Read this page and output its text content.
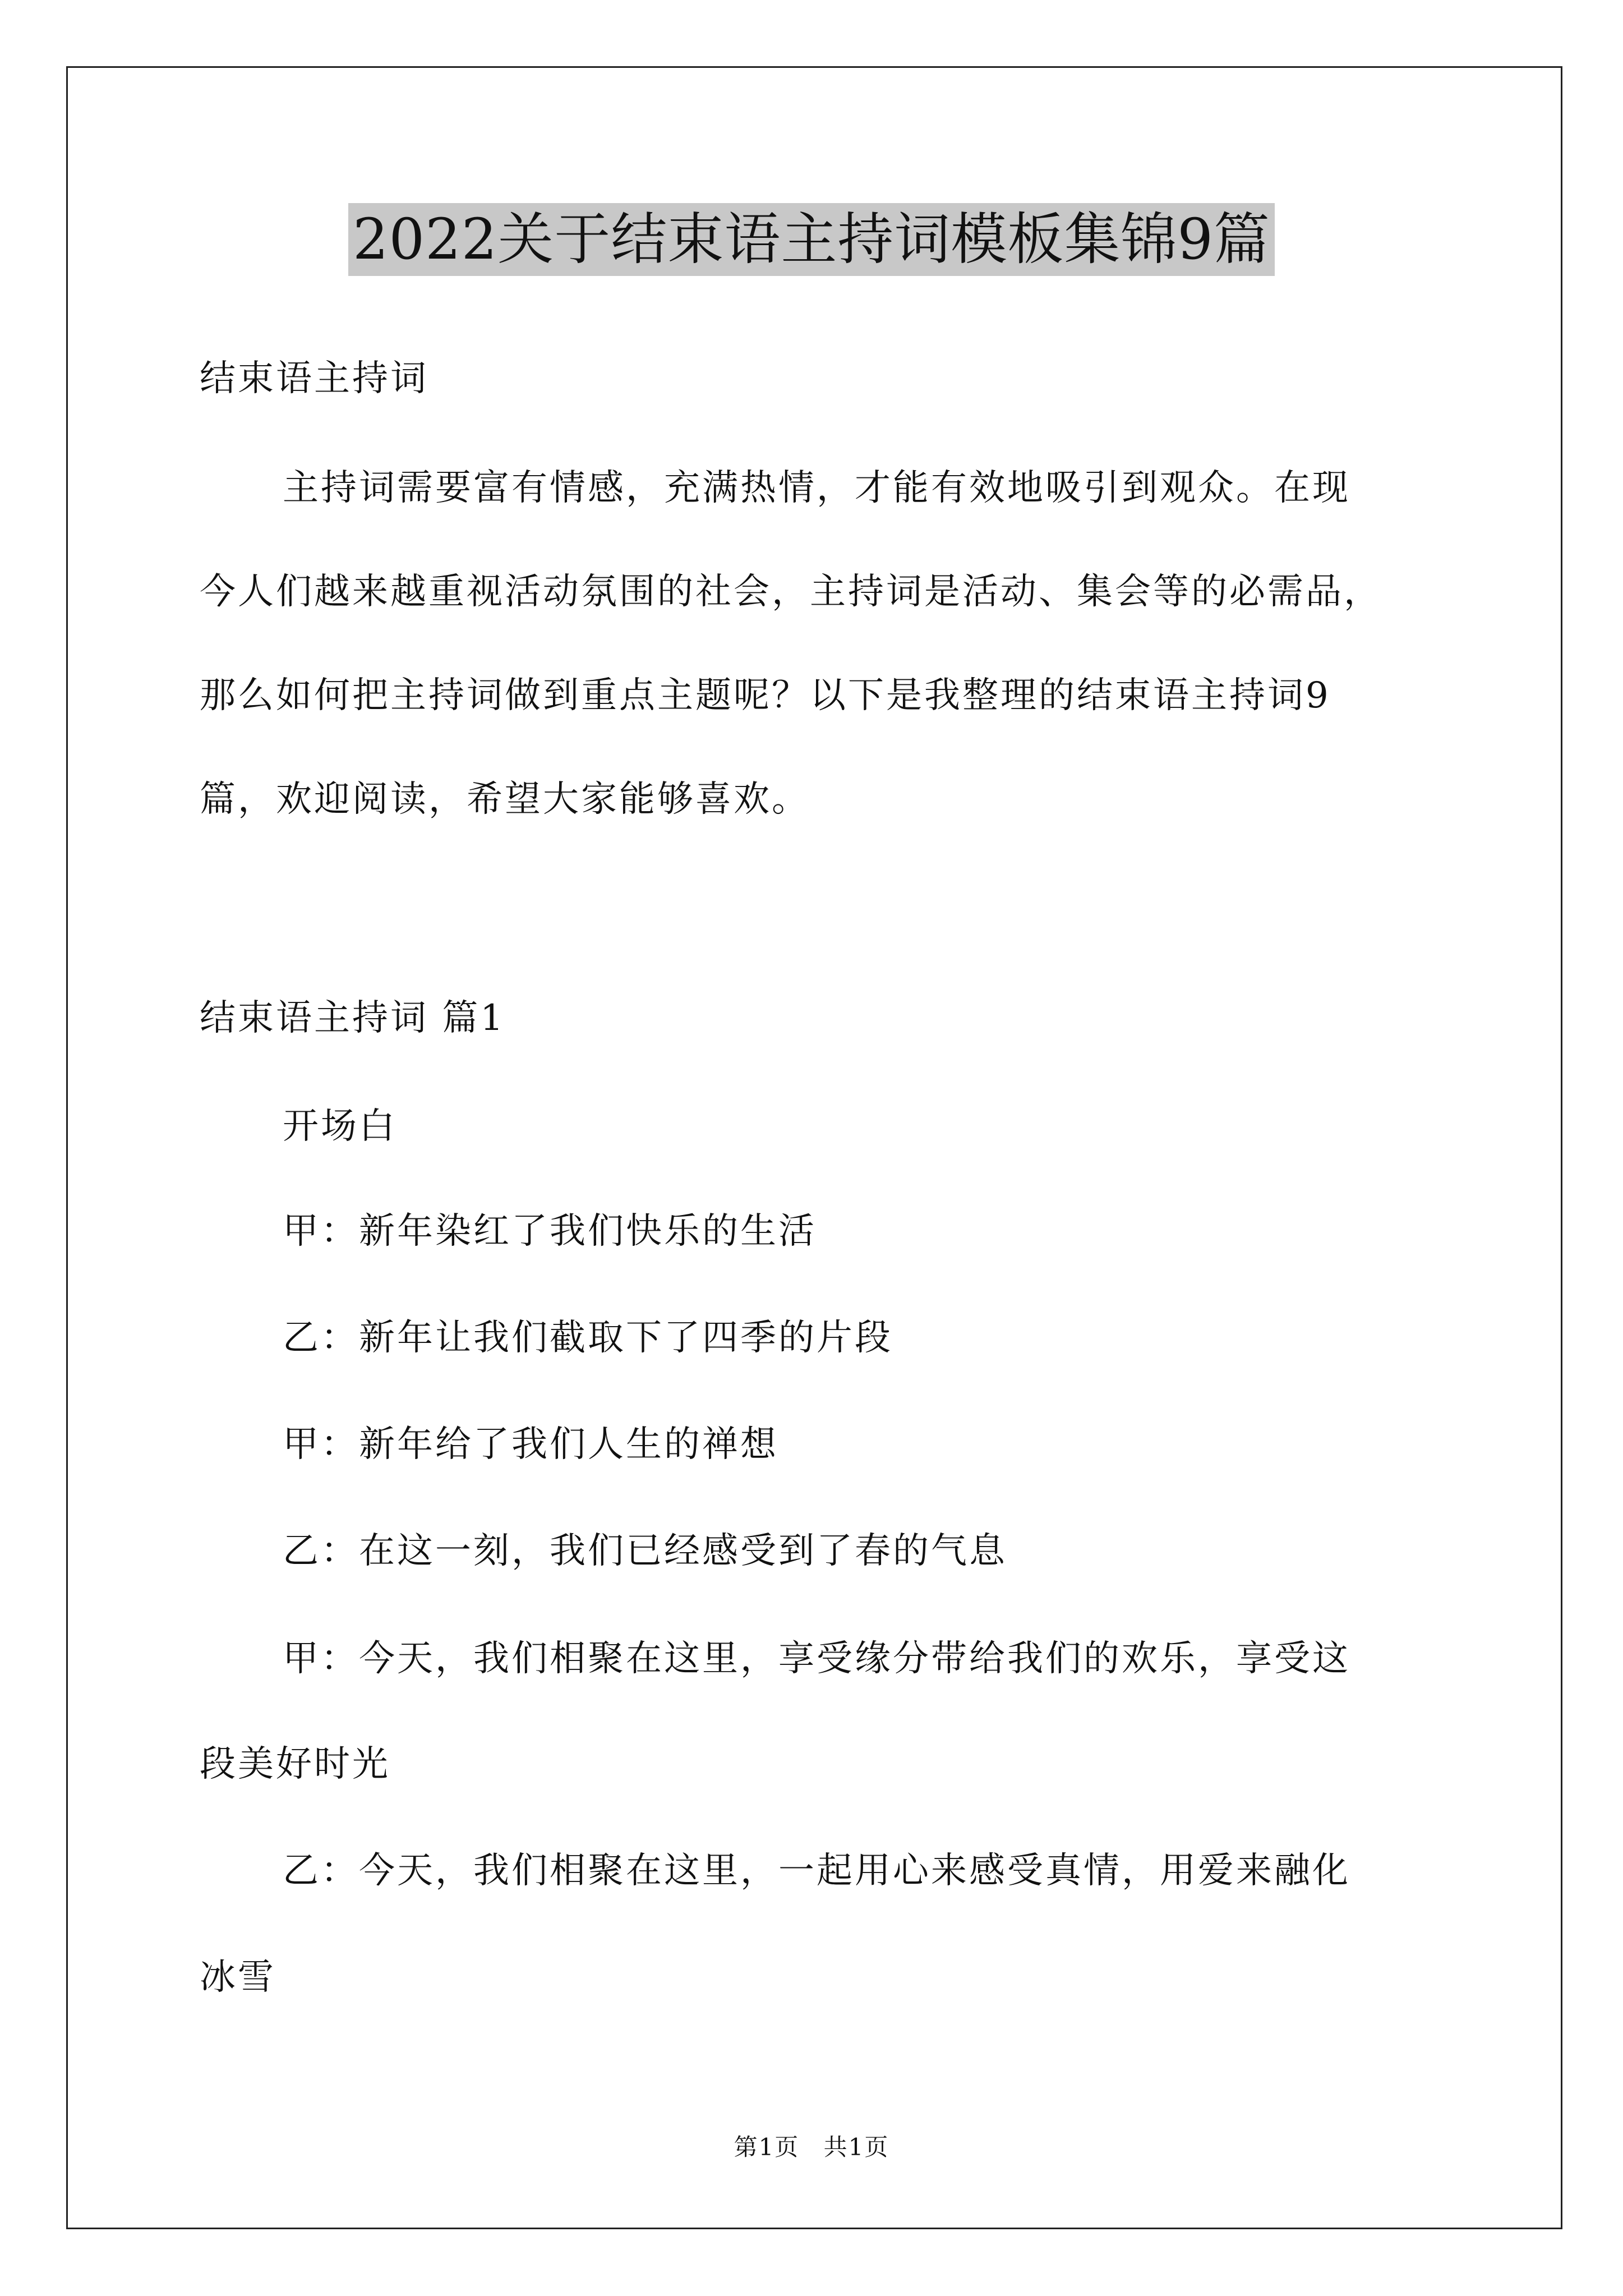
2022关于结束语主持词模板集锦9篇
结束语主持词
主持词需要富有情感，充满热情，才能有效地吸引到观众。在现
今人们越来越重视活动氛围的社会，主持词是活动、集会等的必需品，
那么如何把主持词做到重点主题呢？以下是我整理的结束语主持词9
篇，欢迎阅读，希望大家能够喜欢。
结束语主持词 篇1
开场白
甲：新年染红了我们快乐的生活
乙：新年让我们截取下了四季的片段
甲：新年给了我们人生的禅想
乙：在这一刻，我们已经感受到了春的气息
甲：今天，我们相聚在这里，享受缘分带给我们的欢乐，享受这
段美好时光
乙：今天，我们相聚在这里，一起用心来感受真情，用爱来融化
冰雪
第1页 共1页
